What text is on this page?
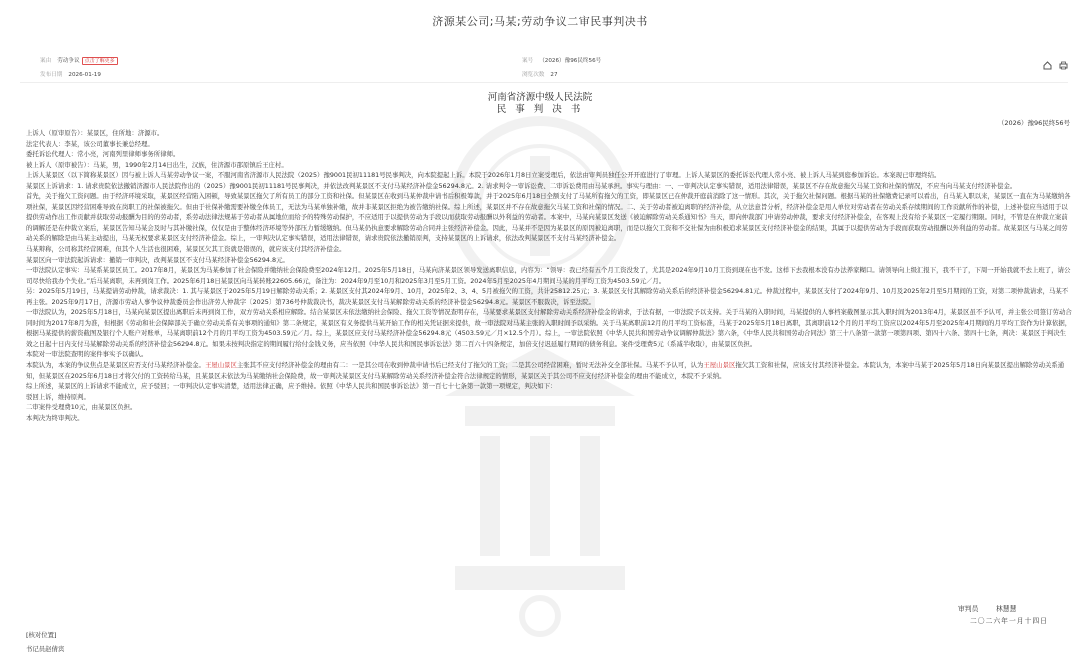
济源某公司;马某;劳动争议二审民事判决书
案由 劳动争议 点击了解更多
发布日期 2026-01-19
案号 （2026）豫96民终56号
浏览次数 27
河南省济源中级人民法院
民 事 判 决 书
（2026）豫96民终56号

上诉人（原审原告）：某景区，住所地：济源市。

法定代表人：李某，该公司董事长兼总经理。

委托诉讼代理人：常小亮，河南列里律师事务所律师。

被上诉人（原审被告）：马某，男，1990年2月14日出生，汉族，住济源市邵原镇后王庄村。

上诉人某景区（以下简称某景区）因与被上诉人马某劳动争议一案，不服河南省济源市人民法院（2025）豫9001民初11181号民事判决，向本院提起上诉。本院于2026年1月8日立案受理后，依法由审判员独任公开开庭进行了审理。上诉人某景区的委托诉讼代理人常小亮、被上诉人马某到庭参加诉讼。本案现已审理终结。

某景区上诉请求：1. 请求贵院依法撤销济源市人民法院作出的（2025）豫9001民初11181号民事判决，并依法改判某景区不支付马某经济补偿金56294.8元。2. 请求判令一审诉讼费、二审诉讼费用由马某承担。事实与理由：一、一审判决认定事实错误，适用法律错误，某景区不存在故意拖欠马某工资和社保的情况，不应当向马某支付经济补偿金。

首先，关于拖欠工资问题。由于经济环境采取，某景区经营陷入困顿，导致某景区拖欠了所有员工的部分工资和社保。但某景区在收到马某仲裁申请书后积极筹款，并于2025年6月18日全额支付了马某所有拖欠的工资，即某景区已在仲裁开庭前消除了这一情形。其次，关于拖欠社保问题。根据马某的社保缴费记录可以看出，自马某入职以来，某景区一直在为马某缴纳各项社保，某景区因经营困难导致在岗职工的社保被拖欠。但由于社保补缴需要补缴全体员工，无法为马某单独补缴，故并非某景区拒绝为被告缴纳社保。综上所述，某景区并不存在故意拖欠马某工资和社保的情况。二、关于劳动者被迫离职的经济补偿，从立法意旨分析，经济补偿金是用人单位对劳动者在劳动关系存续期间的工作贡献所作的补偿，上述补偿应当适用于以提供劳动作出工作贡献并获取劳动报酬为目的的劳动者，系劳动法律法规基于劳动者从属地位而给予的特殊劳动保护，不应适用于以提供劳动为手段以而获取劳动报酬以外利益的劳动者。本案中，马某向某景区发送《被迫解除劳动关系通知书》当天，即向仲裁部门申请劳动仲裁，要求支付经济补偿金，在客观上没有给予某景区一定履行期限。同时，不管是在仲裁立案前的调解还是在仲裁立案后，某景区告知马某会及时与其补缴社保，仅仅是由于整体经济环境等外部压力暂缓缴纳。但马某仍执意要求解除劳动合同并主张经济补偿金。因此，马某并不是因为某景区的原因被迫离职，而是以拖欠工资和不交社保为由积极追求某景区支付经济补偿金的结果，其属于以提供劳动为手段而获取劳动报酬以外利益的劳动者。故某景区与马某之间劳动关系的解除是由马某主动提出，马某无权要求某景区支付经济补偿金。综上，一审判决认定事实错误，适用法律错误，请求贵院依法撤销原判，支持某景区的上诉请求，依法改判某景区不支付马某经济补偿金。

马某辩称，公司称其经营困难，但其个人生活也很困难，某景区欠其工资就是错误的，就应该支付其经济补偿金。

某景区向一审法院起诉请求：撤销一审判决，改判某景区不支付马某经济补偿金56294.8元。

一审法院认定事实：马某系某景区员工。2017年8月，某景区为马某参加了社会保险并缴纳社会保险费至2024年12月。2025年5月18日，马某向济某景区领导发送离职信息，内容为：“领导：我已经有五个月工资没发了，尤其是2024年9月10月工资到现在也不发。这样下去我根本没有办法养家糊口。请领导向上级汇报下，我不干了，下周一开始我就不去上班了，请公司尽快给我办个失业。”后马某离职，未再到岗工作。2025年6月18日某景区向马某转账22605.66元，备注为：2024年9月至10月和2025年3月至5月工资。2024年5月至2025年4月期间马某的月平均工资为4503.59元／月。

另：2025年5月19日，马某提请劳动仲裁，请求裁决：1. 其与某景区于2025年5月19日解除劳动关系；2. 某景区支付其2024年9月、10月，2025年2、3、4、5月被拖欠的工资，共计25812.25元；3. 某景区支付其解除劳动关系后的经济补偿金56294.81元。仲裁过程中，某景区支付了2024年9月、10月及2025年2月至5月期间的工资，对第二项仲裁请求，马某不再主张。2025年9月17日，济源市劳动人事争议仲裁委员会作出济劳人仲裁字〔2025〕第736号仲裁裁决书，裁决某景区支付马某解除劳动关系的经济补偿金56294.8元。某景区不服裁决，诉至法院。

一审法院认为，2025年5月18日，马某向某景区提出离职后未再到岗工作，双方劳动关系相应解除。结合某景区未依法缴纳社会保险、拖欠工资等情况查明存在，马某要求某景区支付解除劳动关系经济补偿金的请求，于法有据，一审法院予以支持。关于马某的入职时间，马某提供的人事档案截图显示其入职时间为2013年4月，某景区虽不予认可，并主张公司签订劳动合同时间为2017年8月为准，但根据《劳动和社会保障部关于确立劳动关系有关事项的通知》第二条规定，某景区有义务提供马某开始工作的相关凭证据来提供，故一审法院对马某主张的入职时间予以采纳。关于马某离职前12月的月平均工资标准，马某于2025年5月18日离职，其离职前12个月的月平均工资应以2024年5月至2025年4月期间的月平均工资作为计算依据，根据马某提供的薪资截图及银行个人账户对账单，马某离职前12个月的月平均工资为4503.59元／月。综上，某景区应支付马某经济补偿金56294.8元（4503.59元／月×12.5个月）。综上，一审法院依照《中华人民共和国劳动争议调解仲裁法》第六条，《中华人民共和国劳动合同法》第三十八条第一款第一项第四项、第四十六条、第四十七条，判决：某景区于判决生效之日起十日内支付马某解除劳动关系的经济补偿金56294.8元。如果未按判决指定的期间履行给付金钱义务，应当依照《中华人民共和国民事诉讼法》第二百六十四条规定，加倍支付迟延履行期间的债务利息。案件受理费5元（系减半收取），由某景区负担。

本院对一审法院查明的案件事实予以确认。

本院认为，本案的争议焦点是某景区应否支付马某经济补偿金。王屋山景区主张其不应支付经济补偿金的理由有二：一是其公司在收到仲裁申请书后已经支付了拖欠的工资；二是其公司经营困难，暂时无法补交全部社保。马某不予认可，认为王屋山景区拖欠其工资和社保，应该支付其经济补偿金。本院认为，本案中马某于2025年5月18日向某景区提出解除劳动关系通知，但某景区在2025年6月18日才将欠付的工资转给马某，且某景区未依法为马某缴纳社会保险费，故一审判决某景区支付马某解除劳动关系经济补偿金符合法律规定的情形，某景区关于其公司不应支付经济补偿金的理由不能成立，本院不予采纳。

综上所述，某景区的上诉请求不能成立，应予驳回；一审判决认定事实清楚，适用法律正确，应予维持。依照《中华人民共和国民事诉讼法》第一百七十七条第一款第一项规定，判决如下：

驳回上诉，维持原判。

二审案件受理费10元，由某景区负担。

本判决为终审判决。

审判员	林慧慧
二〇二六年一月十四日
[核对位置]
书记员赵倩宾
